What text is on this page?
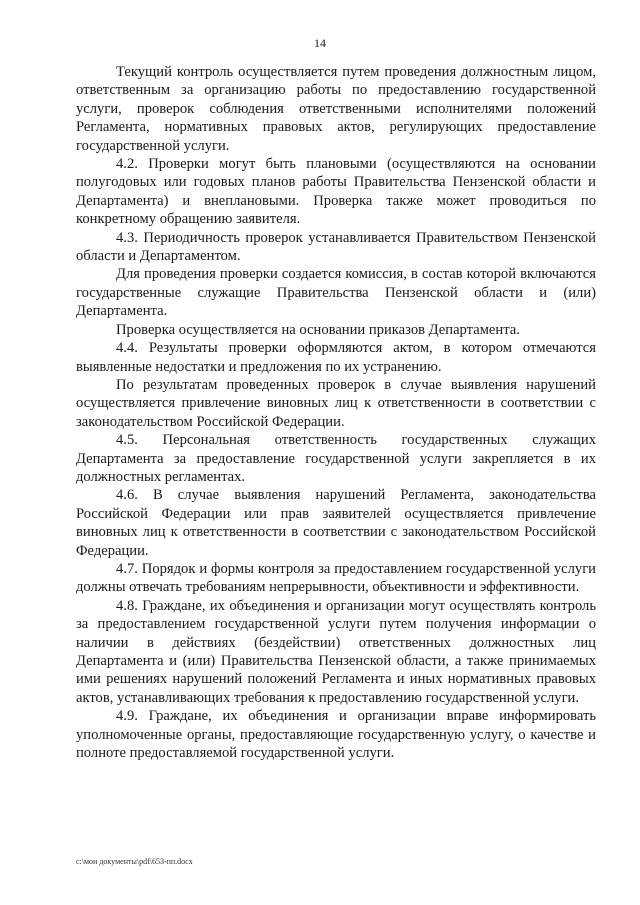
14

Текущий контроль осуществляется путем проведения должностным лицом, ответственным за организацию работы по предоставлению государственной услуги, проверок соблюдения ответственными исполнителями положений Регламента, нормативных правовых актов, регулирующих предоставление государственной услуги.

4.2. Проверки могут быть плановыми (осуществляются на основании полугодовых или годовых планов работы Правительства Пензенской области и Департамента) и внеплановыми. Проверка также может проводиться по конкретному обращению заявителя.

4.3. Периодичность проверок устанавливается Правительством Пензенской области и Департаментом.

Для проведения проверки создается комиссия, в состав которой включаются государственные служащие Правительства Пензенской области и (или) Департамента.

Проверка осуществляется на основании приказов Департамента.

4.4. Результаты проверки оформляются актом, в котором отмечаются выявленные недостатки и предложения по их устранению.

По результатам проведенных проверок в случае выявления нарушений осуществляется привлечение виновных лиц к ответственности в соответствии с законодательством Российской Федерации.

4.5. Персональная ответственность государственных служащих Департамента за предоставление государственной услуги закрепляется в их должностных регламентах.

4.6. В случае выявления нарушений Регламента, законодательства Российской Федерации или прав заявителей осуществляется привлечение виновных лиц к ответственности в соответствии с законодательством Российской Федерации.

4.7. Порядок и формы контроля за предоставлением государственной услуги должны отвечать требованиям непрерывности, объективности и эффективности.

4.8. Граждане, их объединения и организации могут осуществлять контроль за предоставлением государственной услуги путем получения информации о наличии в действиях (бездействии) ответственных должностных лиц Департамента и (или) Правительства Пензенской области, а также принимаемых ими решениях нарушений положений Регламента и иных нормативных правовых актов, устанавливающих требования к предоставлению государственной услуги.

4.9. Граждане, их объединения и организации вправе информировать уполномоченные органы, предоставляющие государственную услугу, о качестве и полноте предоставляемой государственной услуги.

c:\мои документы\pdf\653-пп.docx
